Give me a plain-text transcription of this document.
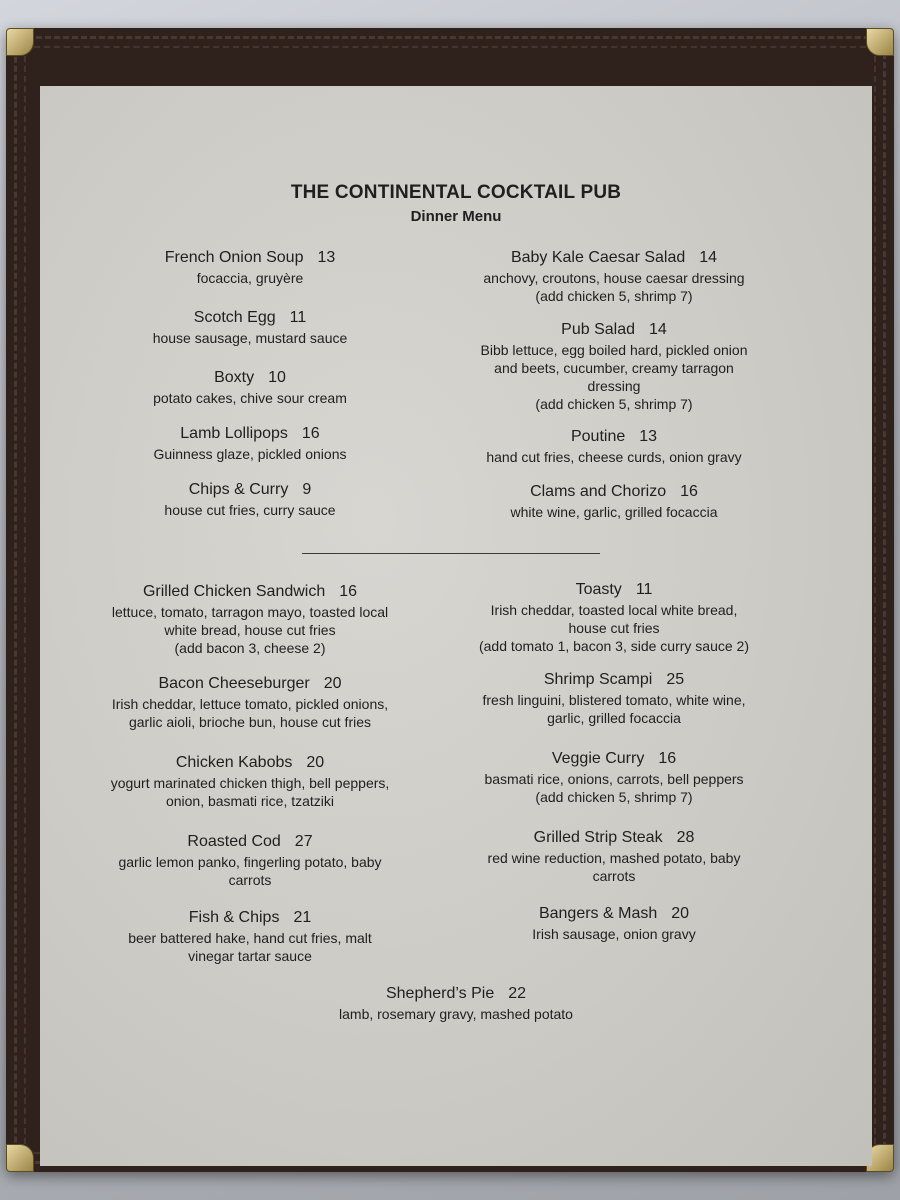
THE CONTINENTAL COCKTAIL PUB
Dinner Menu
French Onion Soup 13
focaccia, gruyère
Scotch Egg 11
house sausage, mustard sauce
Boxty 10
potato cakes, chive sour cream
Lamb Lollipops 16
Guinness glaze, pickled onions
Chips & Curry 9
house cut fries, curry sauce
Baby Kale Caesar Salad 14
anchovy, croutons, house caesar dressing
(add chicken 5, shrimp 7)
Pub Salad 14
Bibb lettuce, egg boiled hard, pickled onion
and beets, cucumber, creamy tarragon
dressing
(add chicken 5, shrimp 7)
Poutine 13
hand cut fries, cheese curds, onion gravy
Clams and Chorizo 16
white wine, garlic, grilled focaccia
Grilled Chicken Sandwich 16
lettuce, tomato, tarragon mayo, toasted local
white bread, house cut fries
(add bacon 3, cheese 2)
Bacon Cheeseburger 20
Irish cheddar, lettuce tomato, pickled onions,
garlic aioli, brioche bun, house cut fries
Chicken Kabobs 20
yogurt marinated chicken thigh, bell peppers,
onion, basmati rice, tzatziki
Roasted Cod 27
garlic lemon panko, fingerling potato, baby
carrots
Fish & Chips 21
beer battered hake, hand cut fries, malt
vinegar tartar sauce
Toasty 11
Irish cheddar, toasted local white bread,
house cut fries
(add tomato 1, bacon 3, side curry sauce 2)
Shrimp Scampi 25
fresh linguini, blistered tomato, white wine,
garlic, grilled focaccia
Veggie Curry 16
basmati rice, onions, carrots, bell peppers
(add chicken 5, shrimp 7)
Grilled Strip Steak 28
red wine reduction, mashed potato, baby
carrots
Bangers & Mash 20
Irish sausage, onion gravy
Shepherd’s Pie 22
lamb, rosemary gravy, mashed potato
